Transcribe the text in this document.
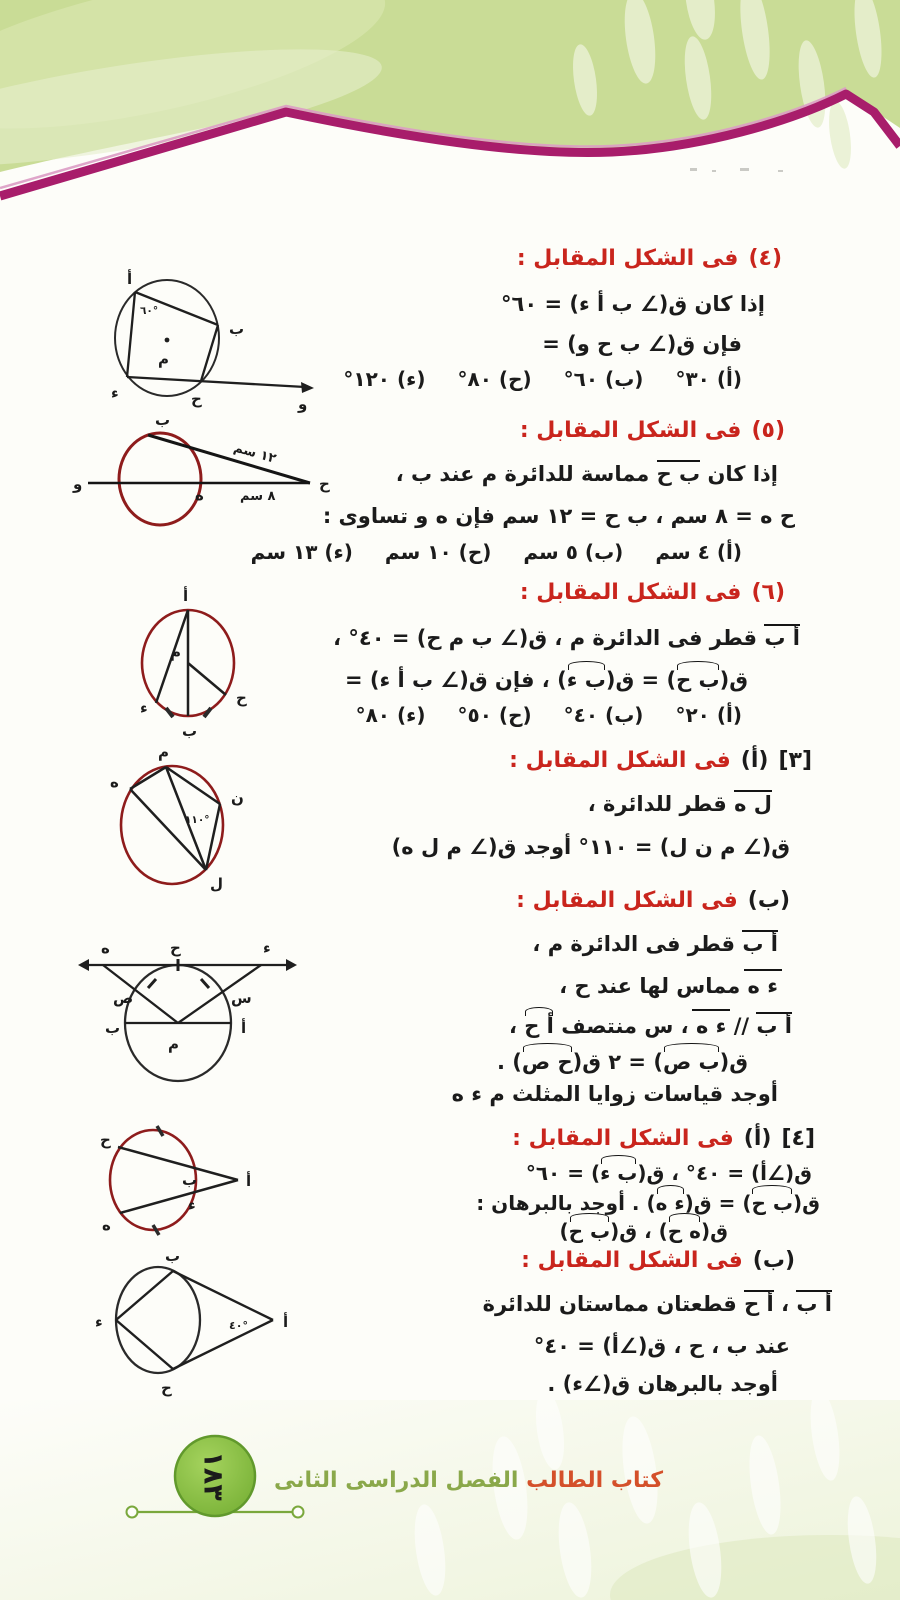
(٤)
فى الشكل المقابل :
إذا كان ق(∠ ب أ ء) = ٦٠°
فإن ق(∠ ب ح و) =
(أ)٣٠°
(ب)٦٠°
(ح)٨٠°
(ء)١٢٠°
أ
٦٠°
ب
م
ح
ء
و
(٥)
فى الشكل المقابل :
إذا كان ب ح مماسة للدائرة م عند ب ،
ح ه = ٨ سم ، ب ح = ١٢ سم فإن ه و تساوى :
(أ)٤ سم
(ب)٥ سم
(ح)١٠ سم
(ء)١٣ سم
ب
ح
و
ه
١٢ سم
٨ سم
(٦)
فى الشكل المقابل :
أ ب قطر فى الدائرة م ، ق(∠ ب م ح) = ٤٠° ،
ق(ب ح) = ق(ب ء) ، فإن ق(∠ ب أ ء) =
(أ)٢٠°
(ب)٤٠°
(ح)٥٠°
(ء)٨٠°
أ
م
ء
ح
ب
[٣]
(أ)
فى الشكل المقابل :
ل ه قطر للدائرة ،
ق(∠ م ن ل) = ١١٠° أوجد ق(∠ م ل ه)
م
ه
ن
ل
١١٠°
(ب)
فى الشكل المقابل :
أ ب قطر فى الدائرة م ،
ء ه مماس لها عند ح ،
أ ب // ء ه ، س منتصف أ ح ،
ق(ب ص) = ٢ ق(ح ص) .
أوجد قياسات زوايا المثلث م ء ه
ح
ه	ء
ص	س
ب	أ
م
[٤]
(أ)
فى الشكل المقابل :
ق(∠أ) = ٤٠° ، ق(ب ء) = ٦٠°
ق(ب ح) = ق(ء ه) . أوجد بالبرهان :
ق(ه ح) ، ق(ب ح)
أ
ح
ه
ب
ء
(ب)
فى الشكل المقابل :
أ ب ، أ ح قطعتان مماستان للدائرة
عند ب ، ح ، ق(∠أ) = ٤٠°
أوجد بالبرهان ق(∠ء) .
ب
ء
ح
أ
٤٠°
١٨٣	كتاب الطالب الفصل الدراسى الثانى
